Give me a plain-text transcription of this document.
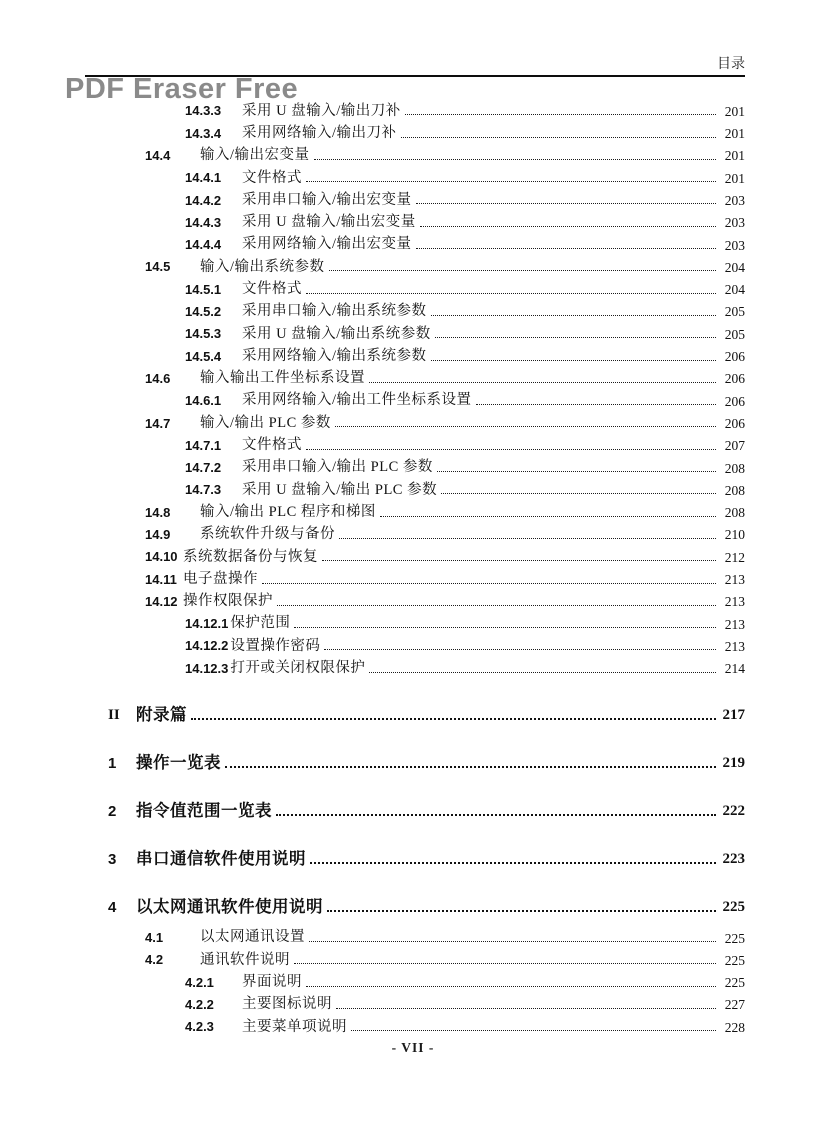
目录
PDF Eraser Free
14.3.3	采用 U 盘输入/输出刀补	201
14.3.4	采用网络输入/输出刀补	201
14.4	输入/输出宏变量	201
14.4.1	文件格式	201
14.4.2	采用串口输入/输出宏变量	203
14.4.3	采用 U 盘输入/输出宏变量	203
14.4.4	采用网络输入/输出宏变量	203
14.5	输入/输出系统参数	204
14.5.1	文件格式	204
14.5.2	采用串口输入/输出系统参数	205
14.5.3	采用 U 盘输入/输出系统参数	205
14.5.4	采用网络输入/输出系统参数	206
14.6	输入输出工件坐标系设置	206
14.6.1	采用网络输入/输出工件坐标系设置	206
14.7	输入/输出 PLC 参数	206
14.7.1	文件格式	207
14.7.2	采用串口输入/输出 PLC 参数	208
14.7.3	采用 U 盘输入/输出 PLC 参数	208
14.8	输入/输出 PLC 程序和梯图	208
14.9	系统软件升级与备份	210
14.10 系统数据备份与恢复	212
14.11 电子盘操作	213
14.12 操作权限保护	213
14.12.1 保护范围	213
14.12.2 设置操作密码	213
14.12.3 打开或关闭权限保护	214
II 附录篇	217
1	操作一览表	219
2	指令值范围一览表	222
3	串口通信软件使用说明	223
4	以太网通讯软件使用说明	225
4.1	以太网通讯设置	225
4.2	通讯软件说明	225
4.2.1	界面说明	225
4.2.2	主要图标说明	227
4.2.3	主要菜单项说明	228
- VII -
